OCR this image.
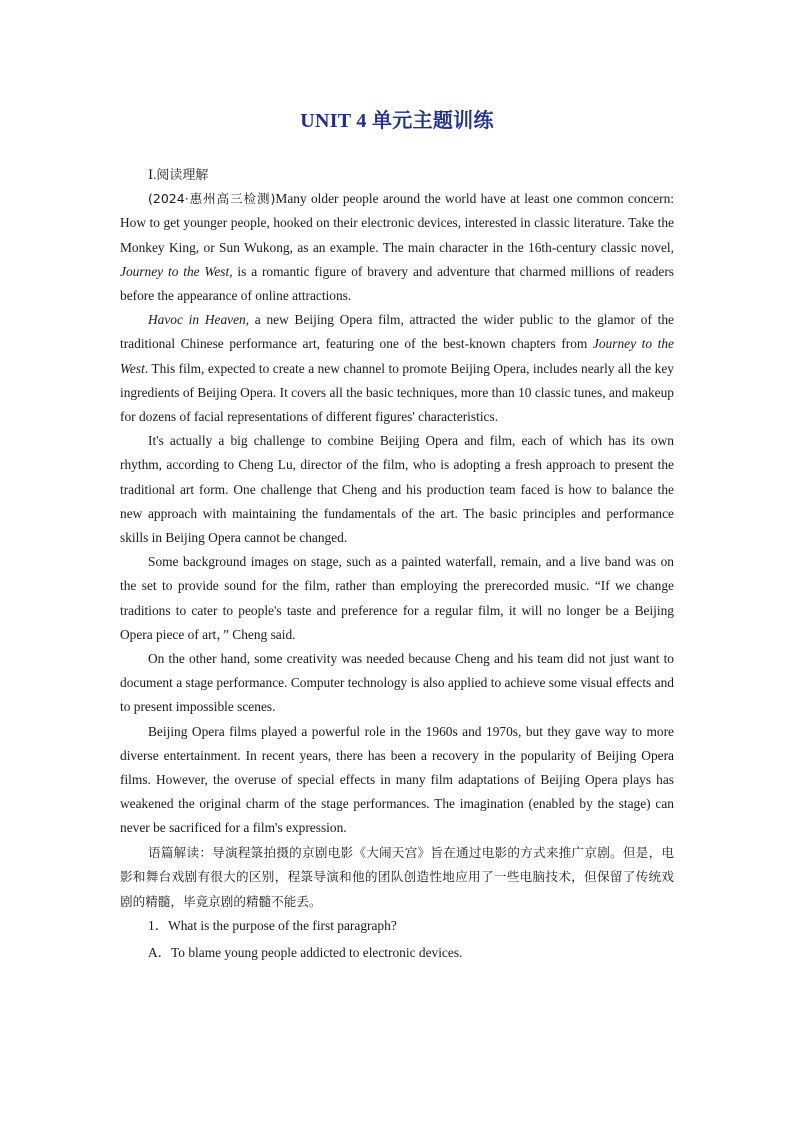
UNIT 4 单元主题训练
Ⅰ.阅读理解

(2024·惠州高三检测)Many older people around the world have at least one common concern: How to get younger people, hooked on their electronic devices, interested in classic literature. Take the Monkey King, or Sun Wukong, as an example. The main character in the 16th-century classic novel, Journey to the West, is a romantic figure of bravery and adventure that charmed millions of readers before the appearance of online attractions.

Havoc in Heaven, a new Beijing Opera film, attracted the wider public to the glamor of the traditional Chinese performance art, featuring one of the best-known chapters from Journey to the West. This film, expected to create a new channel to promote Beijing Opera, includes nearly all the key ingredients of Beijing Opera. It covers all the basic techniques, more than 10 classic tunes, and makeup for dozens of facial representations of different figures' characteristics.

It's actually a big challenge to combine Beijing Opera and film, each of which has its own rhythm, according to Cheng Lu, director of the film, who is adopting a fresh approach to present the traditional art form. One challenge that Cheng and his production team faced is how to balance the new approach with maintaining the fundamentals of the art. The basic principles and performance skills in Beijing Opera cannot be changed.

Some background images on stage, such as a painted waterfall, remain, and a live band was on the set to provide sound for the film, rather than employing the prerecorded music. “If we change traditions to cater to people's taste and preference for a regular film, it will no longer be a Beijing Opera piece of art，” Cheng said.

On the other hand, some creativity was needed because Cheng and his team did not just want to document a stage performance. Computer technology is also applied to achieve some visual effects and to present impossible scenes.

Beijing Opera films played a powerful role in the 1960s and 1970s, but they gave way to more diverse entertainment. In recent years, there has been a recovery in the popularity of Beijing Opera films. However, the overuse of special effects in many film adaptations of Beijing Opera plays has weakened the original charm of the stage performances. The imagination (enabled by the stage) can never be sacrificed for a film's expression.

语篇解读：导演程箓拍摄的京剧电影《大闹天宫》旨在通过电影的方式来推广京剧。但是，电影和舞台戏剧有很大的区别，程箓导演和他的团队创造性地应用了一些电脑技术，但保留了传统戏剧的精髓，毕竟京剧的精髓不能丢。

1．What is the purpose of the first paragraph?

A．To blame young people addicted to electronic devices.
